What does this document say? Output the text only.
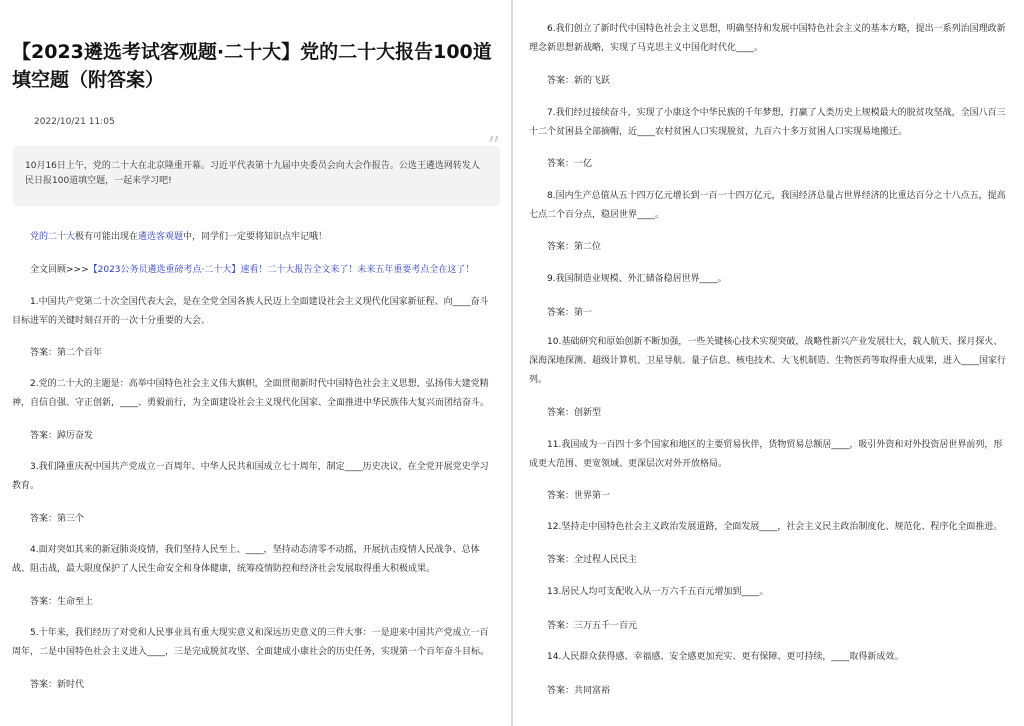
【2023遴选考试客观题·二十大】党的二十大报告100道填空题（附答案）
2022/10/21 11:05

10月16日上午，党的二十大在北京隆重开幕。习近平代表第十九届中央委员会向大会作报告。公选王遴选网转发人民日报100道填空题，一起来学习吧!

”
党的二十大极有可能出现在遴选客观题中，同学们一定要将知识点牢记哦！
全文回顾>>>【2023公务员遴选重磅考点·二十大】速看！二十大报告全文来了！未来五年重要考点全在这了！
1.中国共产党第二十次全国代表大会，是在全党全国各族人民迈上全面建设社会主义现代化国家新征程、向____奋斗目标进军的关键时刻召开的一次十分重要的大会。
答案：第二个百年
2.党的二十大的主题是：高举中国特色社会主义伟大旗帜，全面贯彻新时代中国特色社会主义思想，弘扬伟大建党精神，自信自强、守正创新，____、勇毅前行，为全面建设社会主义现代化国家、全面推进中华民族伟大复兴而团结奋斗。
答案：踔厉奋发
3.我们隆重庆祝中国共产党成立一百周年、中华人民共和国成立七十周年，制定____历史决议，在全党开展党史学习教育。
答案：第三个
4.面对突如其来的新冠肺炎疫情，我们坚持人民至上、____，坚持动态清零不动摇，开展抗击疫情人民战争、总体战、阻击战，最大限度保护了人民生命安全和身体健康，统筹疫情防控和经济社会发展取得重大积极成果。
答案：生命至上
5.十年来，我们经历了对党和人民事业具有重大现实意义和深远历史意义的三件大事：一是迎来中国共产党成立一百周年，二是中国特色社会主义进入____，三是完成脱贫攻坚、全面建成小康社会的历史任务，实现第一个百年奋斗目标。
答案：新时代
6.我们创立了新时代中国特色社会主义思想，明确坚持和发展中国特色社会主义的基本方略，提出一系列治国理政新理念新思想新战略，实现了马克思主义中国化时代化____。
答案：新的飞跃
7.我们经过接续奋斗，实现了小康这个中华民族的千年梦想，打赢了人类历史上规模最大的脱贫攻坚战，全国八百三十二个贫困县全部摘帽，近____农村贫困人口实现脱贫，九百六十多万贫困人口实现易地搬迁。
答案：一亿
8.国内生产总值从五十四万亿元增长到一百一十四万亿元，我国经济总量占世界经济的比重达百分之十八点五，提高七点二个百分点，稳居世界____。
答案：第二位
9.我国制造业规模、外汇储备稳居世界____。
答案：第一
10.基础研究和原始创新不断加强，一些关键核心技术实现突破，战略性新兴产业发展壮大，载人航天、探月探火、深海深地探测、超级计算机、卫星导航、量子信息、核电技术、大飞机制造、生物医药等取得重大成果，进入____国家行列。
答案：创新型
11.我国成为一百四十多个国家和地区的主要贸易伙伴，货物贸易总额居____，吸引外资和对外投资居世界前列，形成更大范围、更宽领域、更深层次对外开放格局。
答案：世界第一
12.坚持走中国特色社会主义政治发展道路，全面发展____，社会主义民主政治制度化、规范化、程序化全面推进。
答案：全过程人民民主
13.居民人均可支配收入从一万六千五百元增加到____。
答案：三万五千一百元
14.人民群众获得感、幸福感、安全感更加充实、更有保障、更可持续，____取得新成效。
答案：共同富裕
